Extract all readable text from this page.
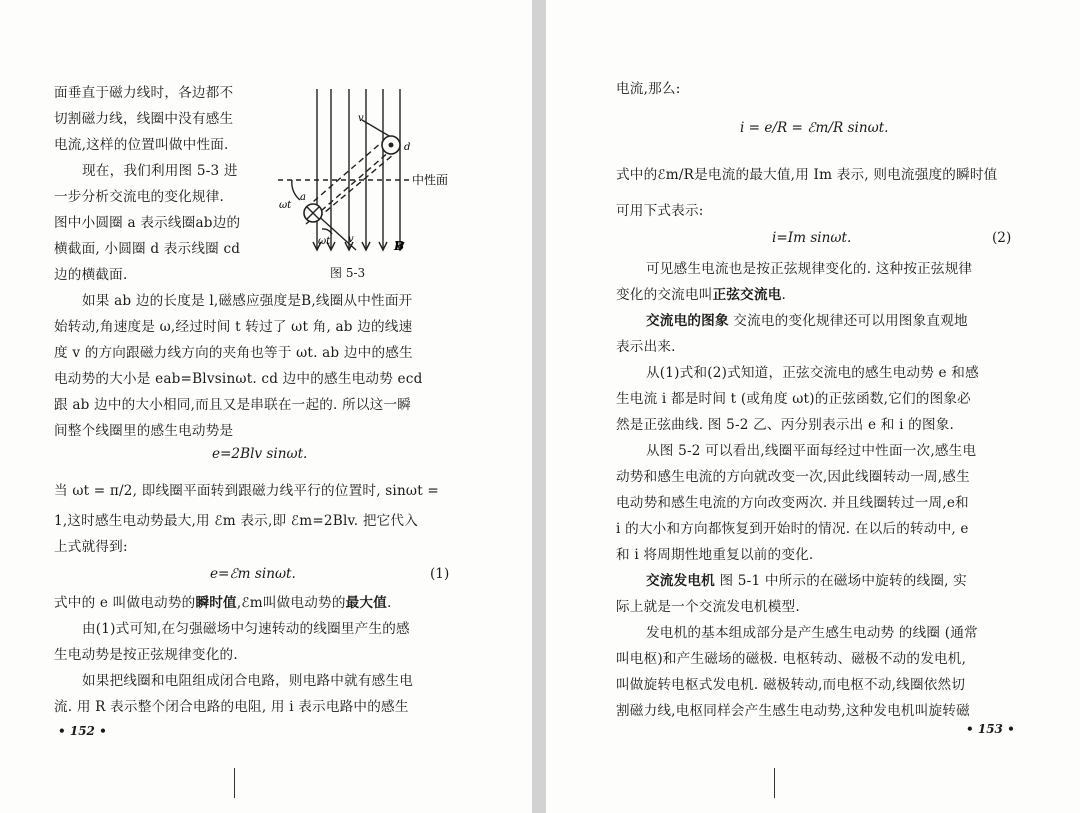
面垂直于磁力线时，各边都不
切割磁力线，线圈中没有感生
电流,这样的位置叫做中性面.
现在，我们利用图 5-3 进
一步分析交流电的变化规律.
图中小圆圈 a 表示线圈ab边的
横截面, 小圆圈 d 表示线圈 cd
边的横截面.
d
a
v
v
ωt
ωt
中性面
B
图 5-3
如果 ab 边的长度是 l,磁感应强度是B,线圈从中性面开
始转动,角速度是 ω,经过时间 t 转过了 ωt 角, ab 边的线速
度 v 的方向跟磁力线方向的夹角也等于 ωt. ab 边中的感生
电动势的大小是 eab=Blvsinωt. cd 边中的感生电动势 ecd
跟 ab 边中的大小相同,而且又是串联在一起的. 所以这一瞬
间整个线圈里的感生电动势是
e=2Blv sinωt.
当 ωt = π/2, 即线圈平面转到跟磁力线平行的位置时, sinωt =
1,这时感生电动势最大,用 ℰm 表示,即 ℰm=2Blv. 把它代入
上式就得到:
e=ℰm sinωt.	(1)
式中的 e 叫做电动势的瞬时值,ℰm叫做电动势的最大值.
由(1)式可知,在匀强磁场中匀速转动的线圈里产生的感
生电动势是按正弦规律变化的.
如果把线圈和电阻组成闭合电路，则电路中就有感生电
流. 用 R 表示整个闭合电路的电阻, 用 i 表示电路中的感生
• 152 •
电流,那么:
i = e/R = ℰm/R sinωt.
式中的ℰm/R是电流的最大值,用 Im 表示, 则电流强度的瞬时值
可用下式表示:
i=Im sinωt.	(2)
可见感生电流也是按正弦规律变化的. 这种按正弦规律
变化的交流电叫正弦交流电.
交流电的图象 交流电的变化规律还可以用图象直观地
表示出来.
从(1)式和(2)式知道，正弦交流电的感生电动势 e 和感
生电流 i 都是时间 t (或角度 ωt)的正弦函数,它们的图象必
然是正弦曲线. 图 5-2 乙、丙分别表示出 e 和 i 的图象.
从图 5-2 可以看出,线圈平面每经过中性面一次,感生电
动势和感生电流的方向就改变一次,因此线圈转动一周,感生
电动势和感生电流的方向改变两次. 并且线圈转过一周,e和
i 的大小和方向都恢复到开始时的情况. 在以后的转动中, e
和 i 将周期性地重复以前的变化.
交流发电机 图 5-1 中所示的在磁场中旋转的线圈, 实
际上就是一个交流发电机模型.
发电机的基本组成部分是产生感生电动势 的线圈 (通常
叫电枢)和产生磁场的磁极. 电枢转动、磁极不动的发电机,
叫做旋转电枢式发电机. 磁极转动,而电枢不动,线圈依然切
割磁力线,电枢同样会产生感生电动势,这种发电机叫旋转磁
• 153 •
